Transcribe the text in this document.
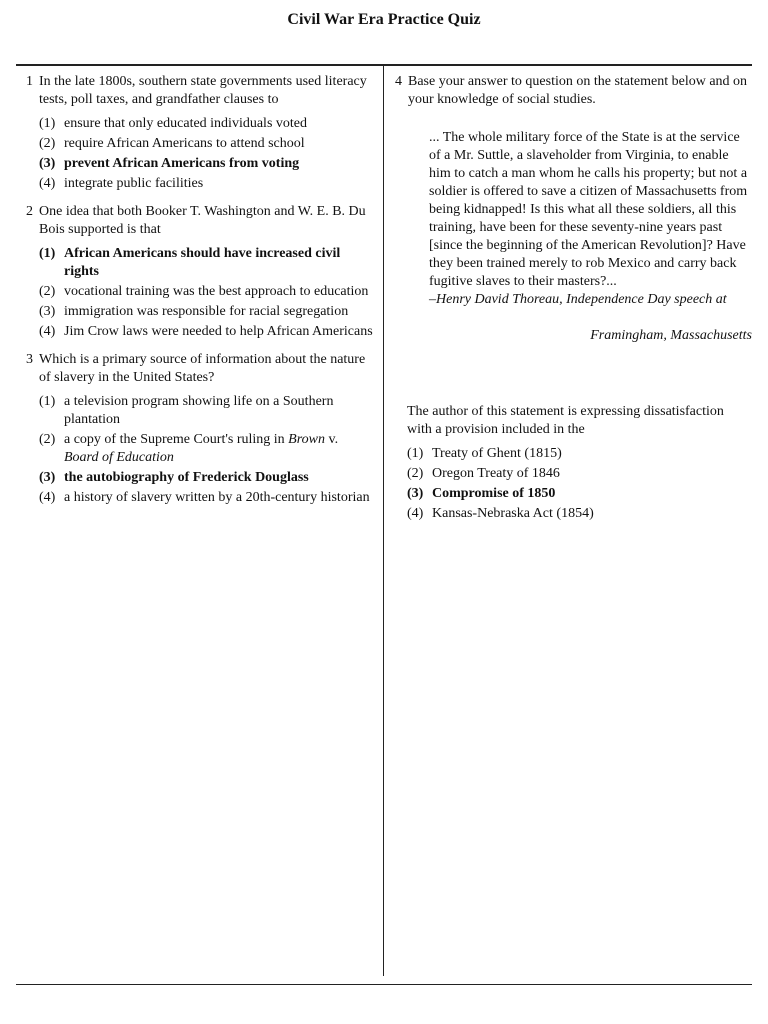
Civil War Era Practice Quiz
1 In the late 1800s, southern state governments used literacy tests, poll taxes, and grandfather clauses to
(1) ensure that only educated individuals voted
(2) require African Americans to attend school
(3) prevent African Americans from voting
(4) integrate public facilities
2 One idea that both Booker T. Washington and W. E. B. Du Bois supported is that
(1) African Americans should have increased civil rights
(2) vocational training was the best approach to education
(3) immigration was responsible for racial segregation
(4) Jim Crow laws were needed to help African Americans
3 Which is a primary source of information about the nature of slavery in the United States?
(1) a television program showing life on a Southern plantation
(2) a copy of the Supreme Court's ruling in Brown v. Board of Education
(3) the autobiography of Frederick Douglass
(4) a history of slavery written by a 20th-century historian
4 Base your answer to question on the statement below and on your knowledge of social studies.
... The whole military force of the State is at the service of a Mr. Suttle, a slaveholder from Virginia, to enable him to catch a man whom he calls his property; but not a soldier is offered to save a citizen of Massachusetts from being kidnapped! Is this what all these soldiers, all this training, have been for these seventy-nine years past [since the beginning of the American Revolution]? Have they been trained merely to rob Mexico and carry back fugitive slaves to their masters?...
–Henry David Thoreau, Independence Day speech at
Framingham, Massachusetts
The author of this statement is expressing dissatisfaction with a provision included in the
(1) Treaty of Ghent (1815)
(2) Oregon Treaty of 1846
(3) Compromise of 1850
(4) Kansas-Nebraska Act (1854)
